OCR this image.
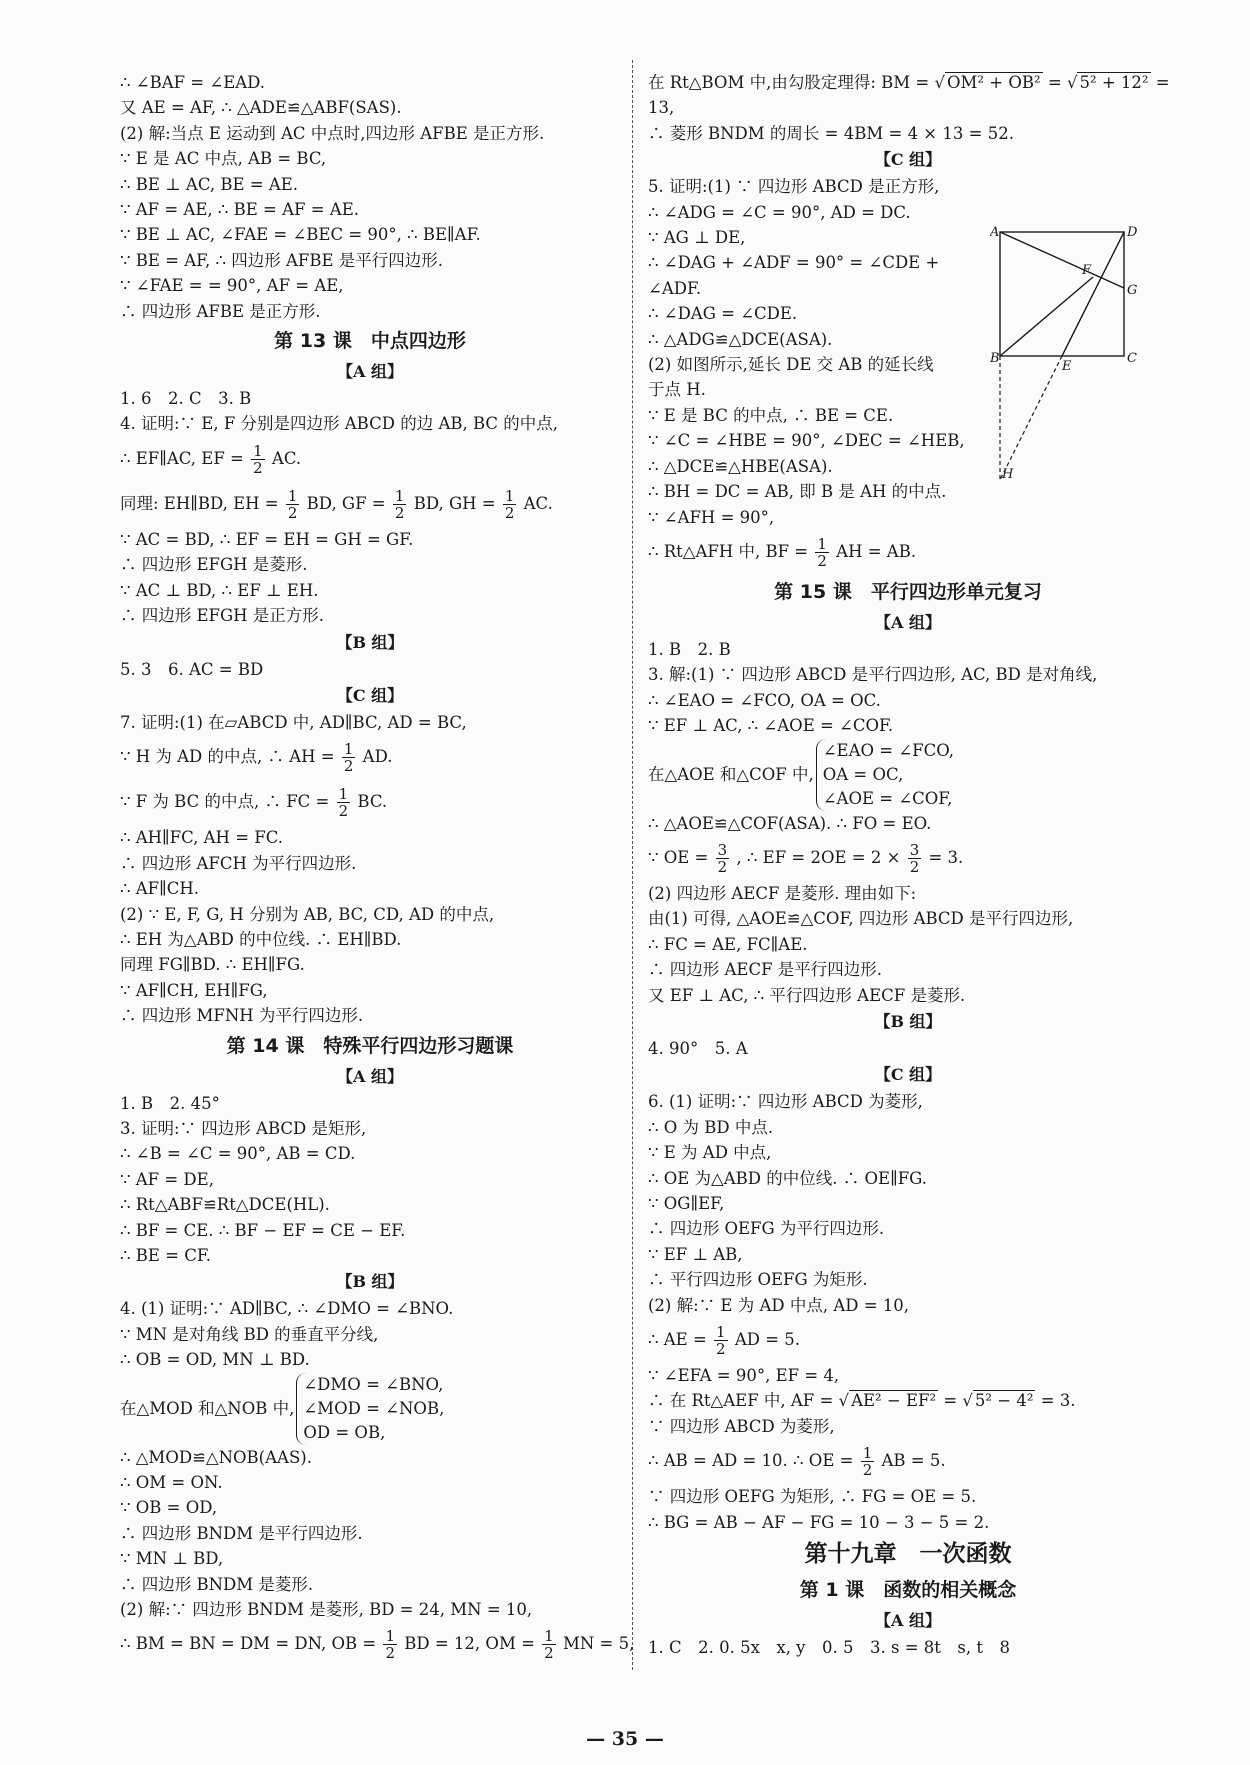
∴ ∠BAF = ∠EAD.
又 AE = AF, ∴ △ADE≌△ABF(SAS).
(2) 解:当点 E 运动到 AC 中点时,四边形 AFBE 是正方形.
∵ E 是 AC 中点, AB = BC,
∴ BE ⊥ AC, BE = AE.
∵ AF = AE, ∴ BE = AF = AE.
∵ BE ⊥ AC, ∠FAE = ∠BEC = 90°, ∴ BE∥AF.
∵ BE = AF, ∴ 四边形 AFBE 是平行四边形.
∵ ∠FAE = = 90°, AF = AE,
∴ 四边形 AFBE 是正方形.
第 13 课　中点四边形
【A 组】
1. 6　2. C　3. B
4. 证明:∵ E, F 分别是四边形 ABCD 的边 AB, BC 的中点,
∴ EF∥AC, EF = $\frac{1}{2}$ AC.
同理: EH∥BD, EH = $\frac{1}{2}$ BD, GF = $\frac{1}{2}$ BD, GH = $\frac{1}{2}$ AC.
∵ AC = BD, ∴ EF = EH = GH = GF.
∴ 四边形 EFGH 是菱形.
∵ AC ⊥ BD, ∴ EF ⊥ EH.
∴ 四边形 EFGH 是正方形.
【B 组】
5. 3　6. AC = BD
【C 组】
7. 证明:(1) 在▱ABCD 中, AD∥BC, AD = BC,
∵ H 为 AD 的中点, ∴ AH = $\frac{1}{2}$ AD.
∵ F 为 BC 的中点, ∴ FC = $\frac{1}{2}$ BC.
∴ AH∥FC, AH = FC.
∴ 四边形 AFCH 为平行四边形.
∴ AF∥CH.
(2) ∵ E, F, G, H 分别为 AB, BC, CD, AD 的中点,
∴ EH 为△ABD 的中位线. ∴ EH∥BD.
同理 FG∥BD. ∴ EH∥FG.
∵ AF∥CH, EH∥FG,
∴ 四边形 MFNH 为平行四边形.
第 14 课　特殊平行四边形习题课
【A 组】
1. B　2. 45°
3. 证明:∵ 四边形 ABCD 是矩形,
∴ ∠B = ∠C = 90°, AB = CD.
∵ AF = DE,
∴ Rt△ABF≌Rt△DCE(HL).
∴ BF = CE. ∴ BF − EF = CE − EF.
∴ BE = CF.
【B 组】
4. (1) 证明:∵ AD∥BC, ∴ ∠DMO = ∠BNO.
∵ MN 是对角线 BD 的垂直平分线,
∴ OB = OD, MN ⊥ BD.
在△MOD 和△NOB 中,
∠DMO = ∠BNO,
∠MOD = ∠NOB,
OD = OB,
∴ △MOD≌△NOB(AAS).
∴ OM = ON.
∵ OB = OD,
∴ 四边形 BNDM 是平行四边形.
∵ MN ⊥ BD,
∴ 四边形 BNDM 是菱形.
(2) 解:∵ 四边形 BNDM 是菱形, BD = 24, MN = 10,
∴ BM = BN = DM = DN, OB = $\frac{1}{2}$ BD = 12, OM = $\frac{1}{2}$ MN = 5,
在 Rt△BOM 中,由勾股定理得: BM = √ OM² + OB² = √ 5² + 12² =
13,
∴ 菱形 BNDM 的周长 = 4BM = 4 × 13 = 52.
【C 组】
5. 证明:(1) ∵ 四边形 ABCD 是正方形,
∴ ∠ADG = ∠C = 90°, AD = DC.
∵ AG ⊥ DE,
∴ ∠DAG + ∠ADF = 90° = ∠CDE +
∠ADF.
∴ ∠DAG = ∠CDE.
∴ △ADG≌△DCE(ASA).
(2) 如图所示,延长 DE 交 AB 的延长线
于点 H.
∵ E 是 BC 的中点, ∴ BE = CE.
∵ ∠C = ∠HBE = 90°, ∠DEC = ∠HEB,
∴ △DCE≌△HBE(ASA).
∴ BH = DC = AB, 即 B 是 AH 的中点.
∵ ∠AFH = 90°,
∴ Rt△AFH 中, BF = $\frac{1}{2}$ AH = AB.
第 15 课　平行四边形单元复习
【A 组】
1. B　2. B
3. 解:(1) ∵ 四边形 ABCD 是平行四边形, AC, BD 是对角线,
∴ ∠EAO = ∠FCO, OA = OC.
∵ EF ⊥ AC, ∴ ∠AOE = ∠COF.
在△AOE 和△COF 中,
∠EAO = ∠FCO,
OA = OC,
∠AOE = ∠COF,
∴ △AOE≌△COF(ASA). ∴ FO = EO.
∵ OE = $\frac{3}{2}$ , ∴ EF = $2OE = 2 \times \frac{3}{2} = 3$.
(2) 四边形 AECF 是菱形. 理由如下:
由(1) 可得, △AOE≌△COF, 四边形 ABCD 是平行四边形,
∴ FC = AE, FC∥AE.
∴ 四边形 AECF 是平行四边形.
又 EF ⊥ AC, ∴ 平行四边形 AECF 是菱形.
【B 组】
4. 90°　5. A
【C 组】
6. (1) 证明:∵ 四边形 ABCD 为菱形,
∴ O 为 BD 中点.
∵ E 为 AD 中点,
∴ OE 为△ABD 的中位线. ∴ OE∥FG.
∵ OG∥EF,
∴ 四边形 OEFG 为平行四边形.
∵ EF ⊥ AB,
∴ 平行四边形 OEFG 为矩形.
(2) 解:∵ E 为 AD 中点, AD = 10,
∴ AE = $\frac{1}{2}$ AD = 5.
∵ ∠EFA = 90°, EF = 4,
∴ 在 Rt△AEF 中, AF = √ AE² − EF² = √ 5² − 4² = 3.
∵ 四边形 ABCD 为菱形,
∴ AB = AD = 10. ∴ OE = $\frac{1}{2}$ AB = 5.
∵ 四边形 OEFG 为矩形, ∴ FG = OE = 5.
∴ BG = AB − AF − FG = 10 − 3 − 5 = 2.
第十九章　一次函数
第 1 课　函数的相关概念
【A 组】
1. C　2. 0. 5x　x, y　0. 5　3. s = 8t　s, t　8
A	D
F
G
B
E
C
H
— 35 —
